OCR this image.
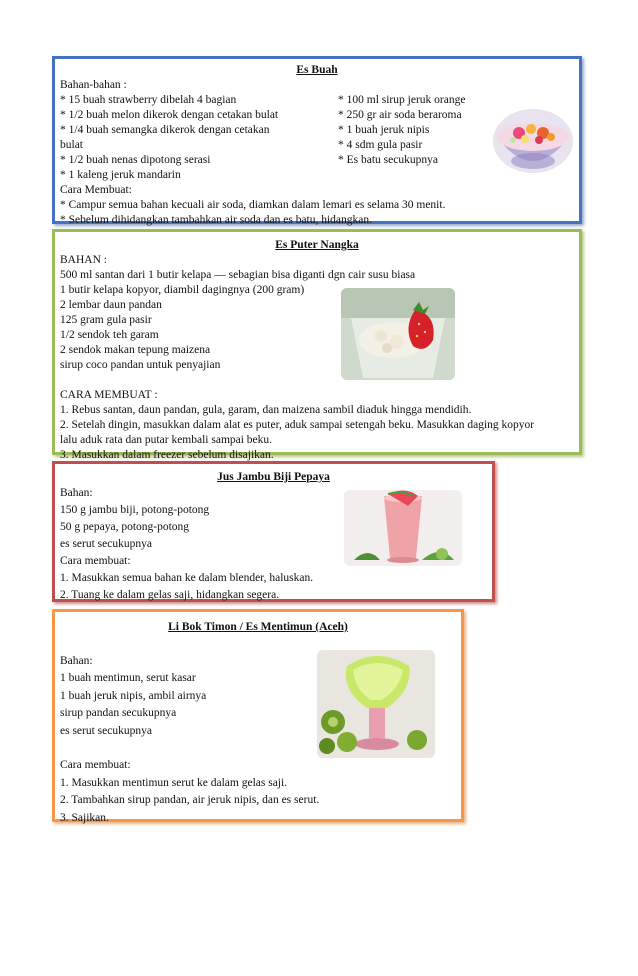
Es Buah
Bahan-bahan :
* 15 buah strawberry dibelah 4 bagian
* 1/2 buah melon dikerok dengan cetakan bulat
* 1/4 buah semangka dikerok dengan cetakan
bulat
* 1/2 buah nenas dipotong serasi
* 1 kaleng jeruk mandarin
Cara Membuat:
* Campur semua bahan kecuali air soda, diamkan dalam lemari es selama 30 menit.
* Sebelum dihidangkan tambahkan air soda dan es batu, hidangkan.
* 100 ml sirup jeruk orange
* 250 gr air soda beraroma
* 1 buah jeruk nipis
* 4 sdm gula pasir
* Es batu secukupnya
Es Puter Nangka
BAHAN :
500 ml santan dari 1 butir kelapa — sebagian bisa diganti dgn cair susu biasa
1 butir kelapa kopyor, diambil dagingnya (200 gram)
2 lembar daun pandan
125 gram gula pasir
1/2 sendok teh garam
2 sendok makan tepung maizena
sirup coco pandan untuk penyajian

CARA MEMBUAT :
1. Rebus santan, daun pandan, gula, garam, dan maizena sambil diaduk hingga mendidih.
2. Setelah dingin, masukkan dalam alat es puter, aduk sampai setengah beku. Masukkan daging kopyor
lalu aduk rata dan putar kembali sampai beku.
3. Masukkan dalam freezer sebelum disajikan.
Jus Jambu Biji Pepaya
Bahan:
150 g jambu biji, potong-potong
50 g pepaya, potong-potong
es serut secukupnya
Cara membuat:
1. Masukkan semua bahan ke dalam blender, haluskan.
2. Tuang ke dalam gelas saji, hidangkan segera.
Li Bok Timon / Es Mentimun (Aceh)
Bahan:
1 buah mentimun, serut kasar
1 buah jeruk nipis, ambil airnya
sirup pandan secukupnya
es serut secukupnya

Cara membuat:
1. Masukkan mentimun serut ke dalam gelas saji.
2. Tambahkan sirup pandan, air jeruk nipis, dan es serut.
3. Sajikan.
